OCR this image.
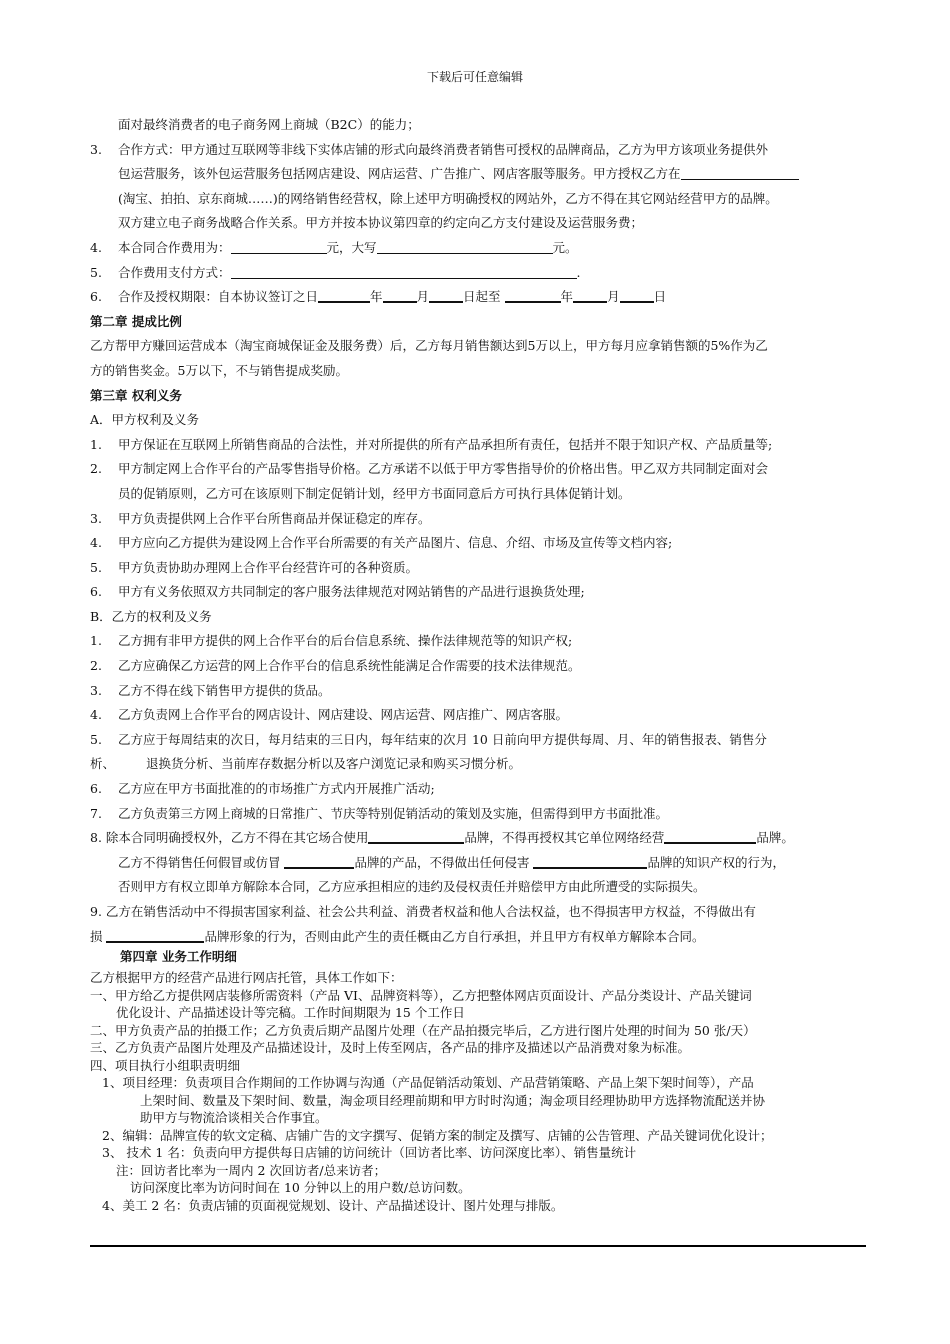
下载后可任意编辑
面对最终消费者的电子商务网上商城（B2C）的能力；
3. 合作方式：甲方通过互联网等非线下实体店铺的形式向最终消费者销售可授权的品牌商品，乙方为甲方该项业务提供外
包运营服务，该外包运营服务包括网店建设、网店运营、广告推广、网店客服等服务。甲方授权乙方在
(淘宝、拍拍、京东商城……)的网络销售经营权，除上述甲方明确授权的网站外，乙方不得在其它网站经营甲方的品牌。
双方建立电子商务战略合作关系。甲方并按本协议第四章的约定向乙方支付建设及运营服务费；
4. 本合同合作费用为：	元，大写	元。
5. 合作费用支付方式：	.
6. 合作及授权期限：自本协议签订之日	年	月	日起至	年	月	日
第二章 提成比例
乙方帮甲方赚回运营成本（淘宝商城保证金及服务费）后，乙方每月销售额达到5万以上，甲方每月应拿销售额的5%作为乙
方的销售奖金。5万以下，不与销售提成奖励。
第三章 权利义务
A．甲方权利及义务
1. 甲方保证在互联网上所销售商品的合法性，并对所提供的所有产品承担所有责任，包括并不限于知识产权、产品质量等;
2. 甲方制定网上合作平台的产品零售指导价格。乙方承诺不以低于甲方零售指导价的价格出售。甲乙双方共同制定面对会
员的促销原则，乙方可在该原则下制定促销计划，经甲方书面同意后方可执行具体促销计划。
3. 甲方负责提供网上合作平台所售商品并保证稳定的库存。
4. 甲方应向乙方提供为建设网上合作平台所需要的有关产品图片、信息、介绍、市场及宣传等文档内容;
5. 甲方负责协助办理网上合作平台经营许可的各种资质。
6. 甲方有义务依照双方共同制定的客户服务法律规范对网站销售的产品进行退换货处理;
B．乙方的权利及义务
1. 乙方拥有非甲方提供的网上合作平台的后台信息系统、操作法律规范等的知识产权;
2. 乙方应确保乙方运营的网上合作平台的信息系统性能满足合作需要的技术法律规范。
3. 乙方不得在线下销售甲方提供的货品。
4. 乙方负责网上合作平台的网店设计、网店建设、网店运营、网店推广、网店客服。
5. 乙方应于每周结束的次日，每月结束的三日内，每年结束的次月 10 日前向甲方提供每周、月、年的销售报表、销售分
析、 退换货分析、当前库存数据分析以及客户浏览记录和购买习惯分析。
6. 乙方应在甲方书面批准的的市场推广方式内开展推广活动;
7. 乙方负责第三方网上商城的日常推广、节庆等特别促销活动的策划及实施，但需得到甲方书面批准。
8. 除本合同明确授权外，乙方不得在其它场合使用	品牌，不得再授权其它单位网络经营	品牌。
乙方不得销售任何假冒或仿冒	品牌的产品，不得做出任何侵害	品牌的知识产权的行为，
否则甲方有权立即单方解除本合同，乙方应承担相应的违约及侵权责任并赔偿甲方由此所遭受的实际损失。
9. 乙方在销售活动中不得损害国家利益、社会公共利益、消费者权益和他人合法权益，也不得损害甲方权益，不得做出有
损	品牌形象的行为，否则由此产生的责任概由乙方自行承担，并且甲方有权单方解除本合同。
第四章 业务工作明细
乙方根据甲方的经营产品进行网店托管，具体工作如下：
一、甲方给乙方提供网店装修所需资料（产品 VI、品牌资料等），乙方把整体网店页面设计、产品分类设计、产品关键词
优化设计、产品描述设计等完稿。工作时间期限为 15 个工作日
二、甲方负责产品的拍摄工作；乙方负责后期产品图片处理（在产品拍摄完毕后，乙方进行图片处理的时间为 50 张/天）
三、乙方负责产品图片处理及产品描述设计，及时上传至网店，各产品的排序及描述以产品消费对象为标准。
四、项目执行小组职责明细
1、项目经理：负责项目合作期间的工作协调与沟通（产品促销活动策划、产品营销策略、产品上架下架时间等），产品
上架时间、数量及下架时间、数量，淘金项目经理前期和甲方时时沟通；淘金项目经理协助甲方选择物流配送并协
助甲方与物流洽谈相关合作事宜。
2、编辑：品牌宣传的软文定稿、店铺广告的文字撰写、促销方案的制定及撰写、店铺的公告管理、产品关键词优化设计；
3、 技术 1 名：负责向甲方提供每日店铺的访问统计（回访者比率、访问深度比率）、销售量统计
注：回访者比率为一周内 2 次回访者/总来访者；
访问深度比率为访问时间在 10 分钟以上的用户数/总访问数。
4、美工 2 名：负责店铺的页面视觉规划、设计、产品描述设计、图片处理与排版。
